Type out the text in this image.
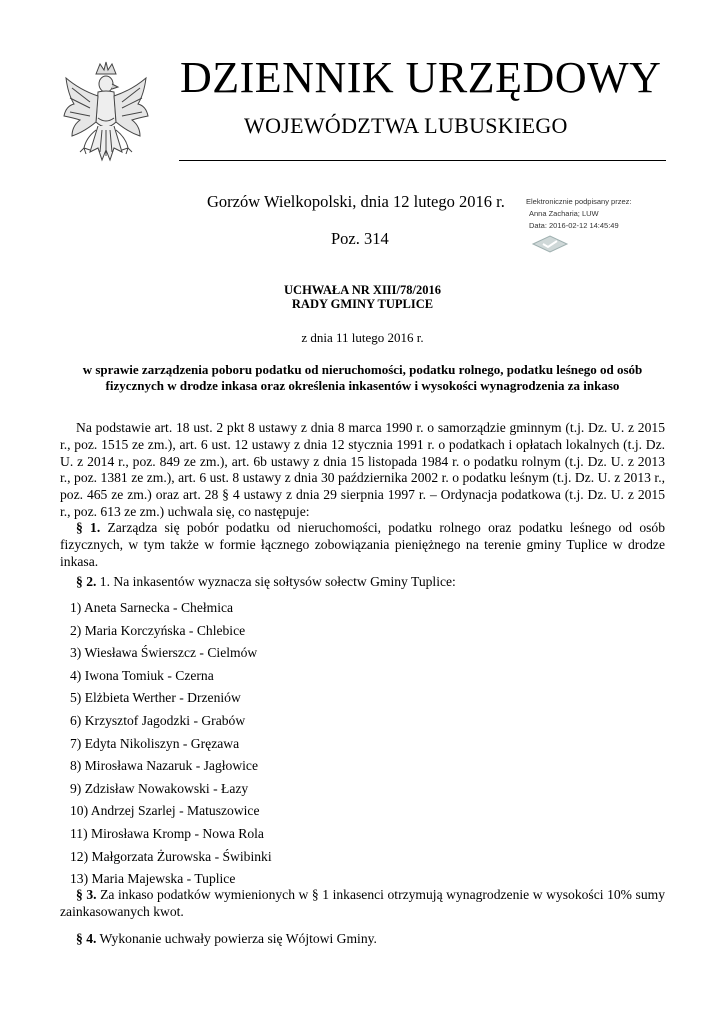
DZIENNIK URZĘDOWY
WOJEWÓDZTWA LUBUSKIEGO
Gorzów Wielkopolski, dnia 12 lutego 2016 r.
Poz. 314
Elektronicznie podpisany przez:
Anna Zacharia; LUW
Data: 2016-02-12 14:45:49
UCHWAŁA NR XIII/78/2016
RADY GMINY TUPLICE
z dnia 11 lutego 2016 r.
w sprawie zarządzenia poboru podatku od nieruchomości, podatku rolnego, podatku leśnego od osób
fizycznych w drodze inkasa oraz określenia inkasentów i wysokości wynagrodzenia za inkaso
Na podstawie art. 18 ust. 2 pkt 8 ustawy z dnia 8 marca 1990 r. o samorządzie gminnym (t.j. Dz. U. z 2015 r., poz. 1515 ze zm.), art. 6 ust. 12 ustawy z dnia 12 stycznia 1991 r. o podatkach i opłatach lokalnych (t.j. Dz. U. z 2014 r., poz. 849 ze zm.), art. 6b ustawy z dnia 15 listopada 1984 r. o podatku rolnym (t.j. Dz. U. z 2013 r., poz. 1381 ze zm.), art. 6 ust. 8 ustawy z dnia 30 października 2002 r. o podatku leśnym (t.j. Dz. U. z 2013 r., poz. 465 ze zm.) oraz art. 28 § 4 ustawy z dnia 29 sierpnia 1997 r. – Ordynacja podatkowa (t.j. Dz. U. z 2015 r., poz. 613 ze zm.) uchwala się, co następuje:
§ 1. Zarządza się pobór podatku od nieruchomości, podatku rolnego oraz podatku leśnego od osób fizycznych, w tym także w formie łącznego zobowiązania pieniężnego na terenie gminy Tuplice w drodze inkasa.
§ 2. 1. Na inkasentów wyznacza się sołtysów sołectw Gminy Tuplice:
1) Aneta Sarnecka - Chełmica
2) Maria Korczyńska - Chlebice
3) Wiesława Świerszcz - Cielmów
4) Iwona Tomiuk - Czerna
5) Elżbieta Werther - Drzeniów
6) Krzysztof Jagodzki - Grabów
7) Edyta Nikoliszyn - Gręzawa
8) Mirosława Nazaruk - Jagłowice
9) Zdzisław Nowakowski - Łazy
10) Andrzej Szarlej - Matuszowice
11) Mirosława Kromp - Nowa Rola
12) Małgorzata Żurowska - Świbinki
13) Maria Majewska - Tuplice
§ 3. Za inkaso podatków wymienionych w § 1 inkasenci otrzymują wynagrodzenie w wysokości 10% sumy zainkasowanych kwot.
§ 4. Wykonanie uchwały powierza się Wójtowi Gminy.
